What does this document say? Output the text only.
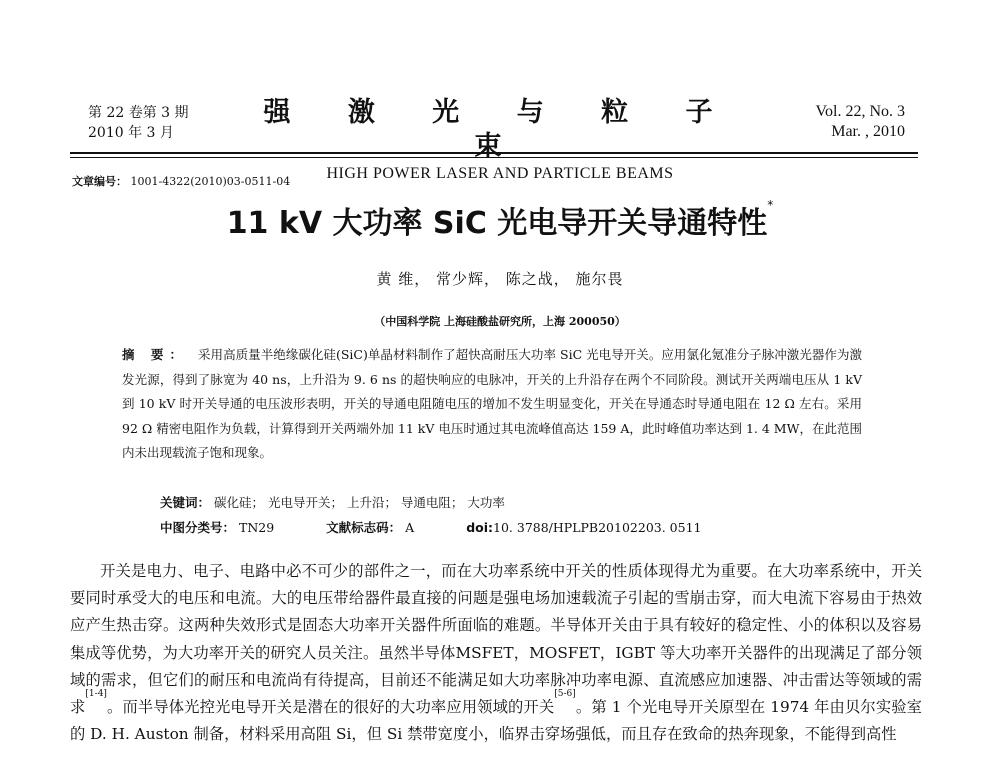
第 22 卷第 3 期
2010 年 3 月
强 激 光 与 粒 子 束
HIGH POWER LASER AND PARTICLE BEAMS
Vol. 22, No. 3
Mar. , 2010
文章编号： 1001-4322(2010)03-0511-04
11 kV 大功率 SiC 光电导开关导通特性*
黄 维， 常少辉， 陈之战， 施尔畏
（中国科学院 上海硅酸盐研究所，上海 200050）
摘 要： 采用高质量半绝缘碳化硅(SiC)单晶材料制作了超快高耐压大功率 SiC 光电导开关。应用氯化氪准分子脉冲激光器作为激发光源，得到了脉宽为 40 ns，上升沿为 9. 6 ns 的超快响应的电脉冲，开关的上升沿存在两个不同阶段。测试开关两端电压从 1 kV 到 10 kV 时开关导通的电压波形表明，开关的导通电阻随电压的增加不发生明显变化，开关在导通态时导通电阻在 12 Ω 左右。采用 92 Ω 精密电阻作为负载，计算得到开关两端外加 11 kV 电压时通过其电流峰值高达 159 A，此时峰值功率达到 1. 4 MW，在此范围内未出现载流子饱和现象。
关键词： 碳化硅； 光电导开关； 上升沿； 导通电阻； 大功率
中图分类号： TN29	文献标志码： A	doi:10. 3788/HPLPB20102203. 0511

开关是电力、电子、电路中必不可少的部件之一，而在大功率系统中开关的性质体现得尤为重要。在大功率系统中，开关要同时承受大的电压和电流。大的电压带给器件最直接的问题是强电场加速载流子引起的雪崩击穿，而大电流下容易由于热效应产生热击穿。这两种失效形式是固态大功率开关器件所面临的难题。半导体开关由于具有较好的稳定性、小的体积以及容易集成等优势，为大功率开关的研究人员关注。虽然半导体MSFET，MOSFET，IGBT 等大功率开关器件的出现满足了部分领域的需求，但它们的耐压和电流尚有待提高，目前还不能满足如大功率脉冲功率电源、直流感应加速器、冲击雷达等领域的需求[1-4]。而半导体光控光电导开关是潜在的很好的大功率应用领域的开关[5-6]。第 1 个光电导开关原型在 1974 年由贝尔实验室的 D. H. Auston 制备，材料采用高阻 Si，但 Si 禁带宽度小，临界击穿场强低，而且存在致命的热奔现象，不能得到高性
